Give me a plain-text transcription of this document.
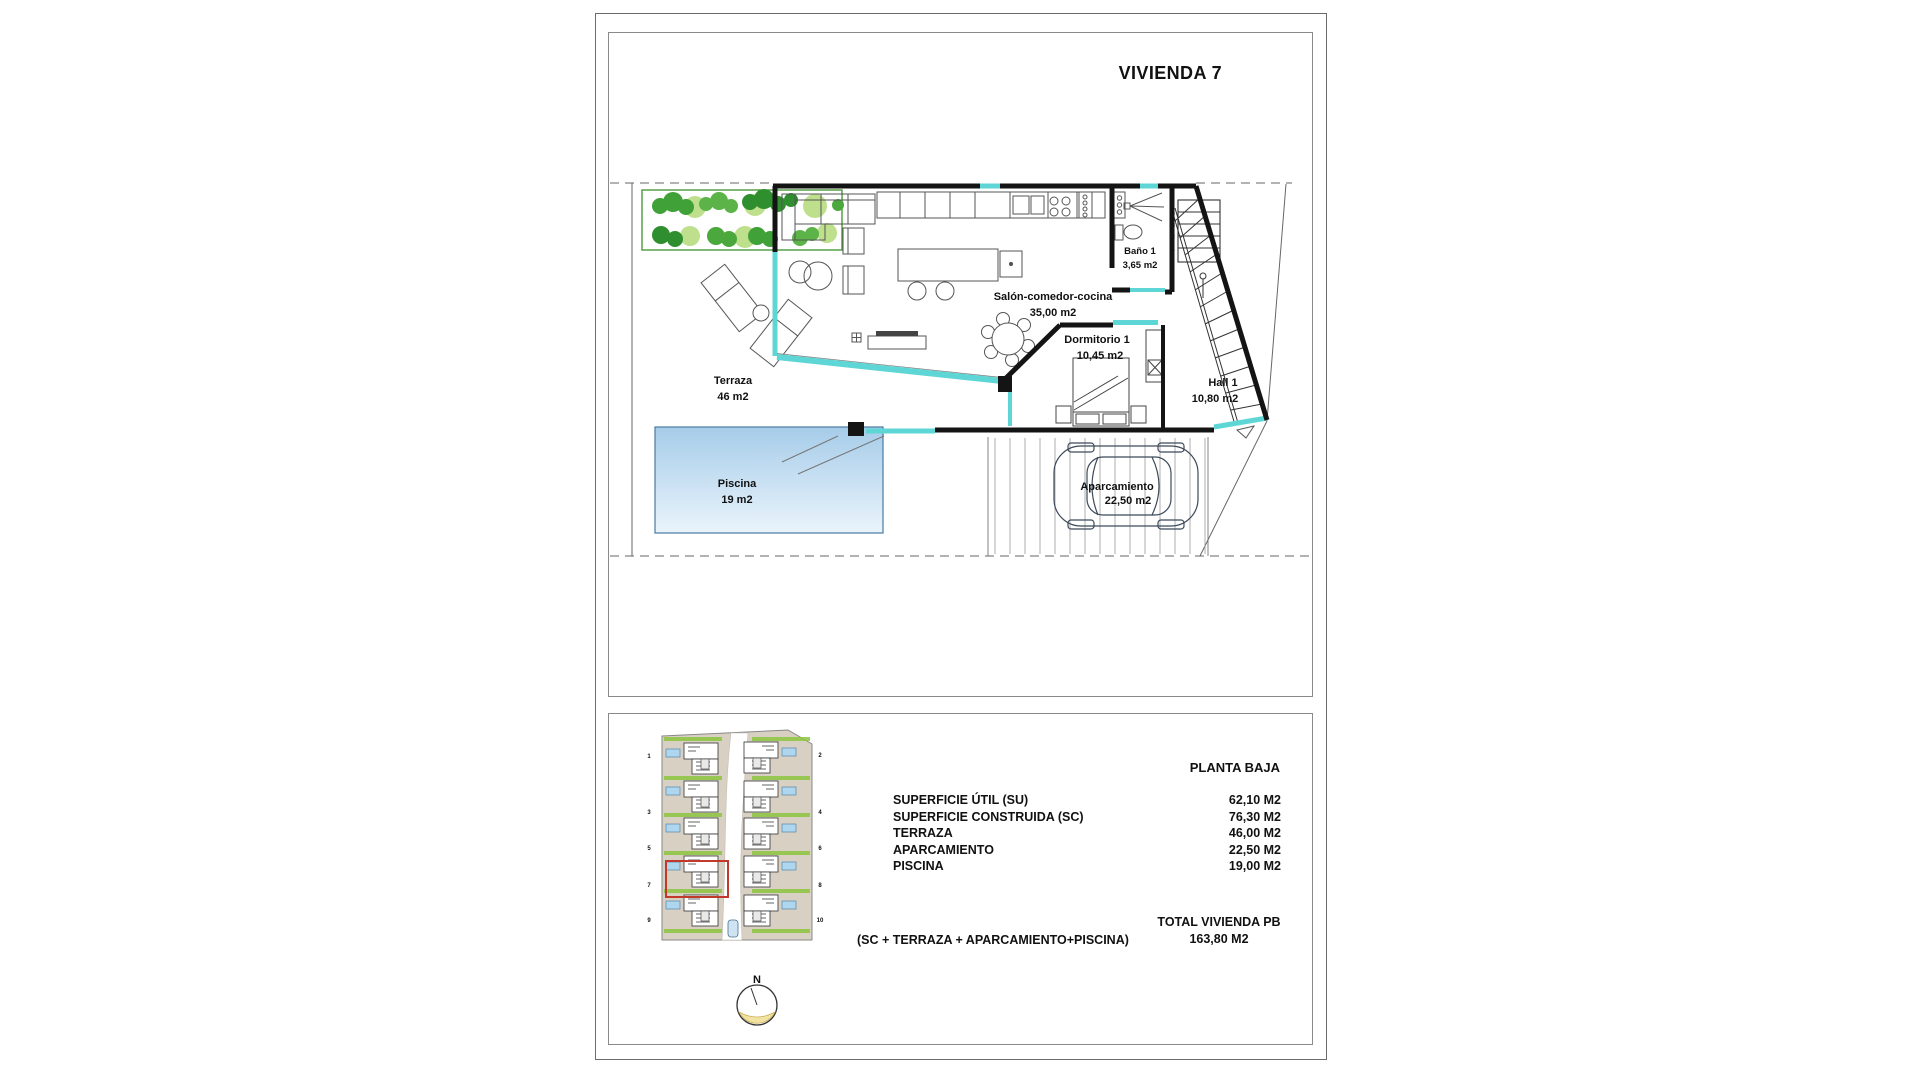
Terraza
46 m2
Piscina
19 m2
Salón-comedor-cocina
35,00 m2
Baño 1
3,65 m2
Dormitorio 1
10,45 m2
Hall 1
10,80 m2
Aparcamiento
22,50 m2
4
3
2
1
1	2
3	4
5	6
7	8
9	10
N
VIVIENDA 7
PLANTA BAJA
SUPERFICIE ÚTIL (SU)	62,10 M2
SUPERFICIE CONSTRUIDA (SC)	76,30 M2
TERRAZA	46,00 M2
APARCAMIENTO	22,50 M2
PISCINA	19,00 M2
TOTAL VIVIENDA PB
163,80 M2
(SC + TERRAZA + APARCAMIENTO+PISCINA)
